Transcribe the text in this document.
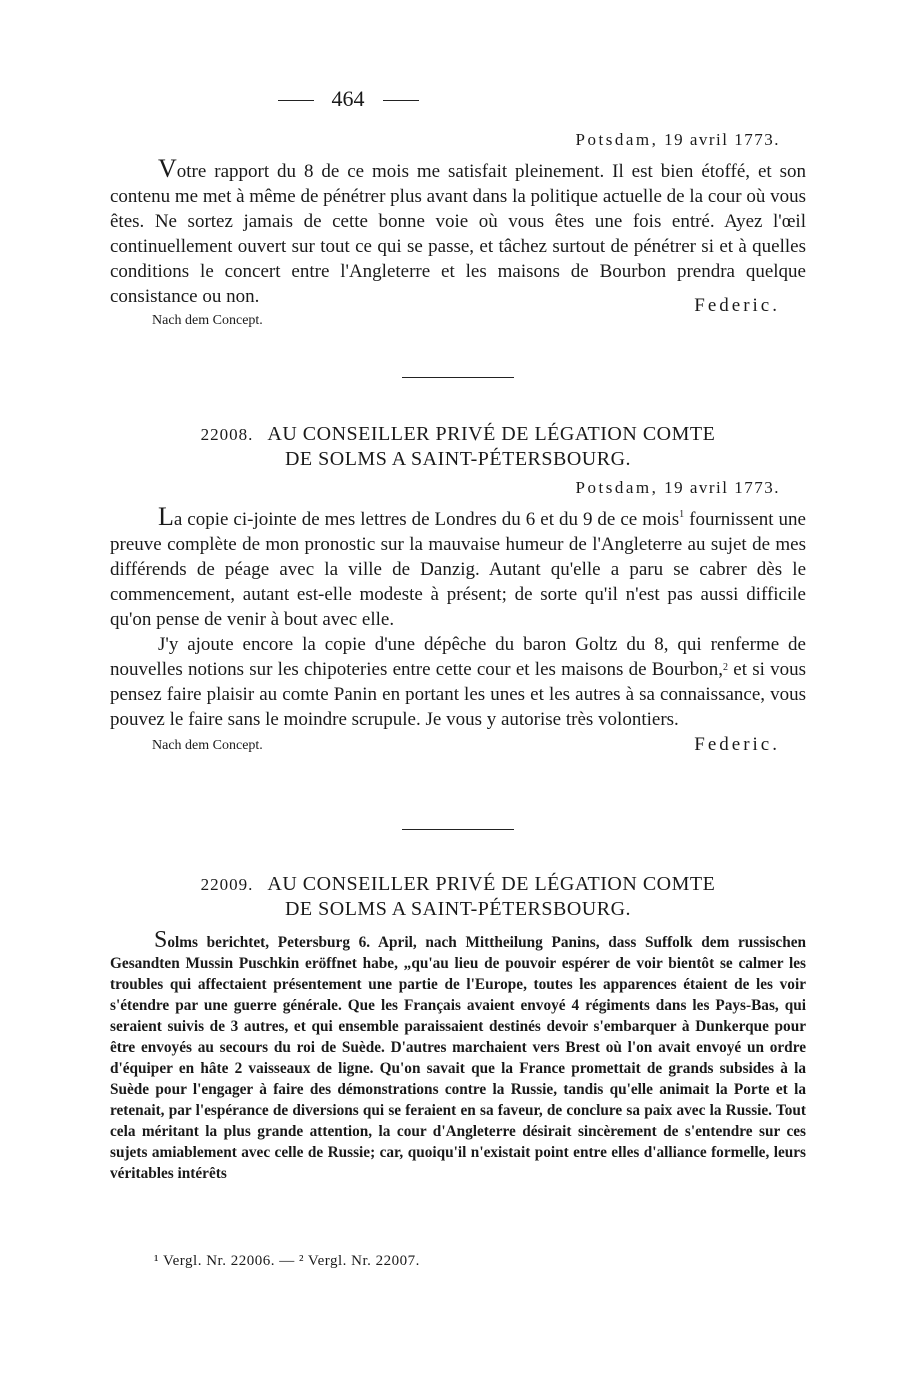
464
Potsdam, 19 avril 1773.

Votre rapport du 8 de ce mois me satisfait pleinement. Il est bien étoffé, et son contenu me met à même de pénétrer plus avant dans la politique actuelle de la cour où vous êtes. Ne sortez jamais de cette bonne voie où vous êtes une fois entré. Ayez l'œil continuellement ouvert sur tout ce qui se passe, et tâchez surtout de pénétrer si et à quelles conditions le concert entre l'Angleterre et les maisons de Bourbon prendra quelque consistance ou non.

Nach dem Concept.
Federic.
22008. AU CONSEILLER PRIVÉ DE LÉGATION COMTE
DE SOLMS A SAINT-PÉTERSBOURG.
Potsdam, 19 avril 1773.

La copie ci-jointe de mes lettres de Londres du 6 et du 9 de ce mois$^1$ fournissent une preuve complète de mon pronostic sur la mauvaise humeur de l'Angleterre au sujet de mes différends de péage avec la ville de Danzig. Autant qu'elle a paru se cabrer dès le commencement, autant est-elle modeste à présent; de sorte qu'il n'est pas aussi difficile qu'on pense de venir à bout avec elle.

J'y ajoute encore la copie d'une dépêche du baron Goltz du 8, qui renferme de nouvelles notions sur les chipoteries entre cette cour et les maisons de Bourbon,$^2$ et si vous pensez faire plaisir au comte Panin en portant les unes et les autres à sa connaissance, vous pouvez le faire sans le moindre scrupule. Je vous y autorise très volontiers.

Nach dem Concept.	Federic.
22009. AU CONSEILLER PRIVÉ DE LÉGATION COMTE
DE SOLMS A SAINT-PÉTERSBOURG.

Solms berichtet, Petersburg 6. April, nach Mittheilung Panins, dass Suffolk dem russischen Gesandten Mussin Puschkin eröffnet habe, „qu'au lieu de pouvoir espérer de voir bientôt se calmer les troubles qui affectaient présentement une partie de l'Europe, toutes les apparences étaient de les voir s'étendre par une guerre générale. Que les Français avaient envoyé 4 régiments dans les Pays-Bas, qui seraient suivis de 3 autres, et qui ensemble paraissaient destinés devoir s'embarquer à Dunkerque pour être envoyés au secours du roi de Suède. D'autres marchaient vers Brest où l'on avait envoyé un ordre d'équiper en hâte 2 vaisseaux de ligne. Qu'on savait que la France promettait de grands subsides à la Suède pour l'engager à faire des démonstrations contre la Russie, tandis qu'elle animait la Porte et la retenait, par l'espérance de diversions qui se feraient en sa faveur, de conclure sa paix avec la Russie. Tout cela méritant la plus grande attention, la cour d'Angleterre désirait sincèrement de s'entendre sur ces sujets amiablement avec celle de Russie; car, quoiqu'il n'existait point entre elles d'alliance formelle, leurs véritables intérêts

¹ Vergl. Nr. 22006. — ² Vergl. Nr. 22007.
